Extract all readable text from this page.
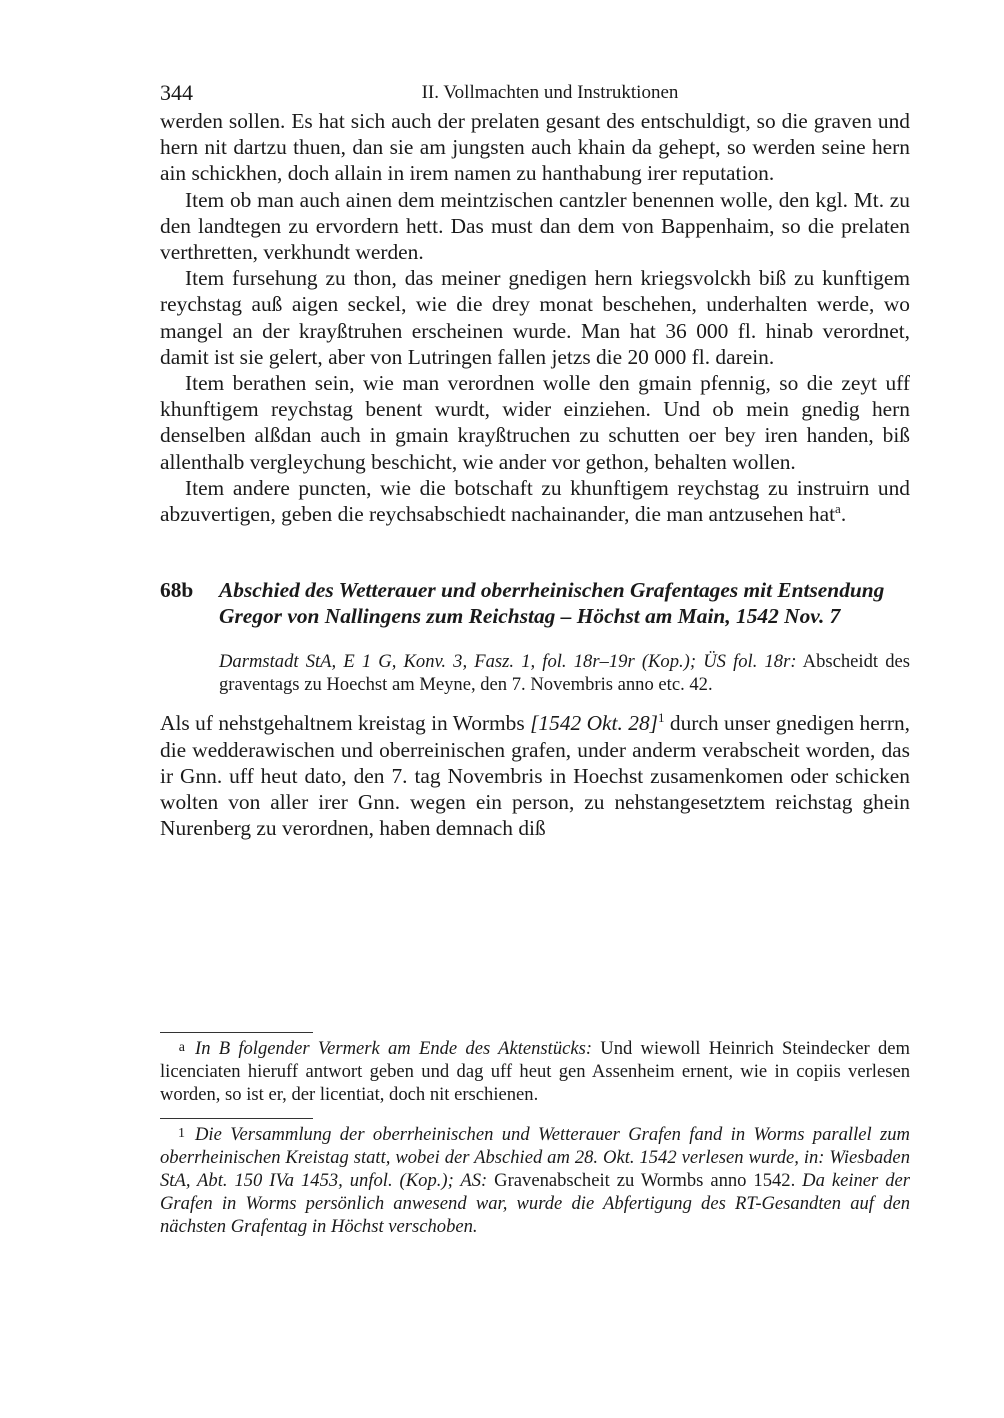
344	II. Vollmachten und Instruktionen

werden sollen. Es hat sich auch der prelaten gesant des entschuldigt, so die graven und hern nit dartzu thuen, dan sie am jungsten auch khain da gehept, so werden seine hern ain schickhen, doch allain in irem namen zu hanthabung irer reputation.

Item ob man auch ainen dem meintzischen cantzler benennen wolle, den kgl. Mt. zu den landtegen zu ervordern hett. Das must dan dem von Bappenhaim, so die prelaten verthretten, verkhundt werden.

Item fursehung zu thon, das meiner gnedigen hern kriegsvolckh biß zu kunftigem reychstag auß aigen seckel, wie die drey monat beschehen, underhalten werde, wo mangel an der krayßtruhen erscheinen wurde. Man hat 36 000 fl. hinab verordnet, damit ist sie gelert, aber von Lutringen fallen jetzs die 20 000 fl. darein.

Item berathen sein, wie man verordnen wolle den gmain pfennig, so die zeyt uff khunftigem reychstag benent wurdt, wider einziehen. Und ob mein gnedig hern denselben alßdan auch in gmain krayßtruchen zu schutten oer bey iren handen, biß allenthalb vergleychung beschicht, wie ander vor gethon, behalten wollen.

Item andere puncten, wie die botschaft zu khunftigem reychstag zu instruirn und abzuvertigen, geben die reychsabschiedt nachainander, die man antzusehen hat$^a$.

68b	Abschied des Wetterauer und oberrheinischen Grafentages mit Entsendung Gregor von Nallingens zum Reichstag – Höchst am Main, 1542 Nov. 7
Darmstadt StA, E 1 G, Konv. 3, Fasz. 1, fol. 18r–19r (Kop.); ÜS fol. 18r: Abscheidt des graventags zu Hoechst am Meyne, den 7. Novembris anno etc. 42.

Als uf nehstgehaltnem kreistag in Wormbs [1542 Okt. 28]$^1$ durch unser gnedigen herrn, die wedderawischen und oberreinischen grafen, under anderm verabscheit worden, das ir Gnn. uff heut dato, den 7. tag Novembris in Hoechst zusamenkomen oder schicken wolten von aller irer Gnn. wegen ein person, zu nehstangesetztem reichstag ghein Nurenberg zu verordnen, haben demnach diß

a In B folgender Vermerk am Ende des Aktenstücks: Und wiewoll Heinrich Steindecker dem licenciaten hieruff antwort geben und dag uff heut gen Assenheim ernent, wie in copiis verlesen worden, so ist er, der licentiat, doch nit erschienen.

1 Die Versammlung der oberrheinischen und Wetterauer Grafen fand in Worms parallel zum oberrheinischen Kreistag statt, wobei der Abschied am 28. Okt. 1542 verlesen wurde, in: Wiesbaden StA, Abt. 150 IVa 1453, unfol. (Kop.); AS: Gravenabscheit zu Wormbs anno 1542. Da keiner der Grafen in Worms persönlich anwesend war, wurde die Abfertigung des RT-Gesandten auf den nächsten Grafentag in Höchst verschoben.
